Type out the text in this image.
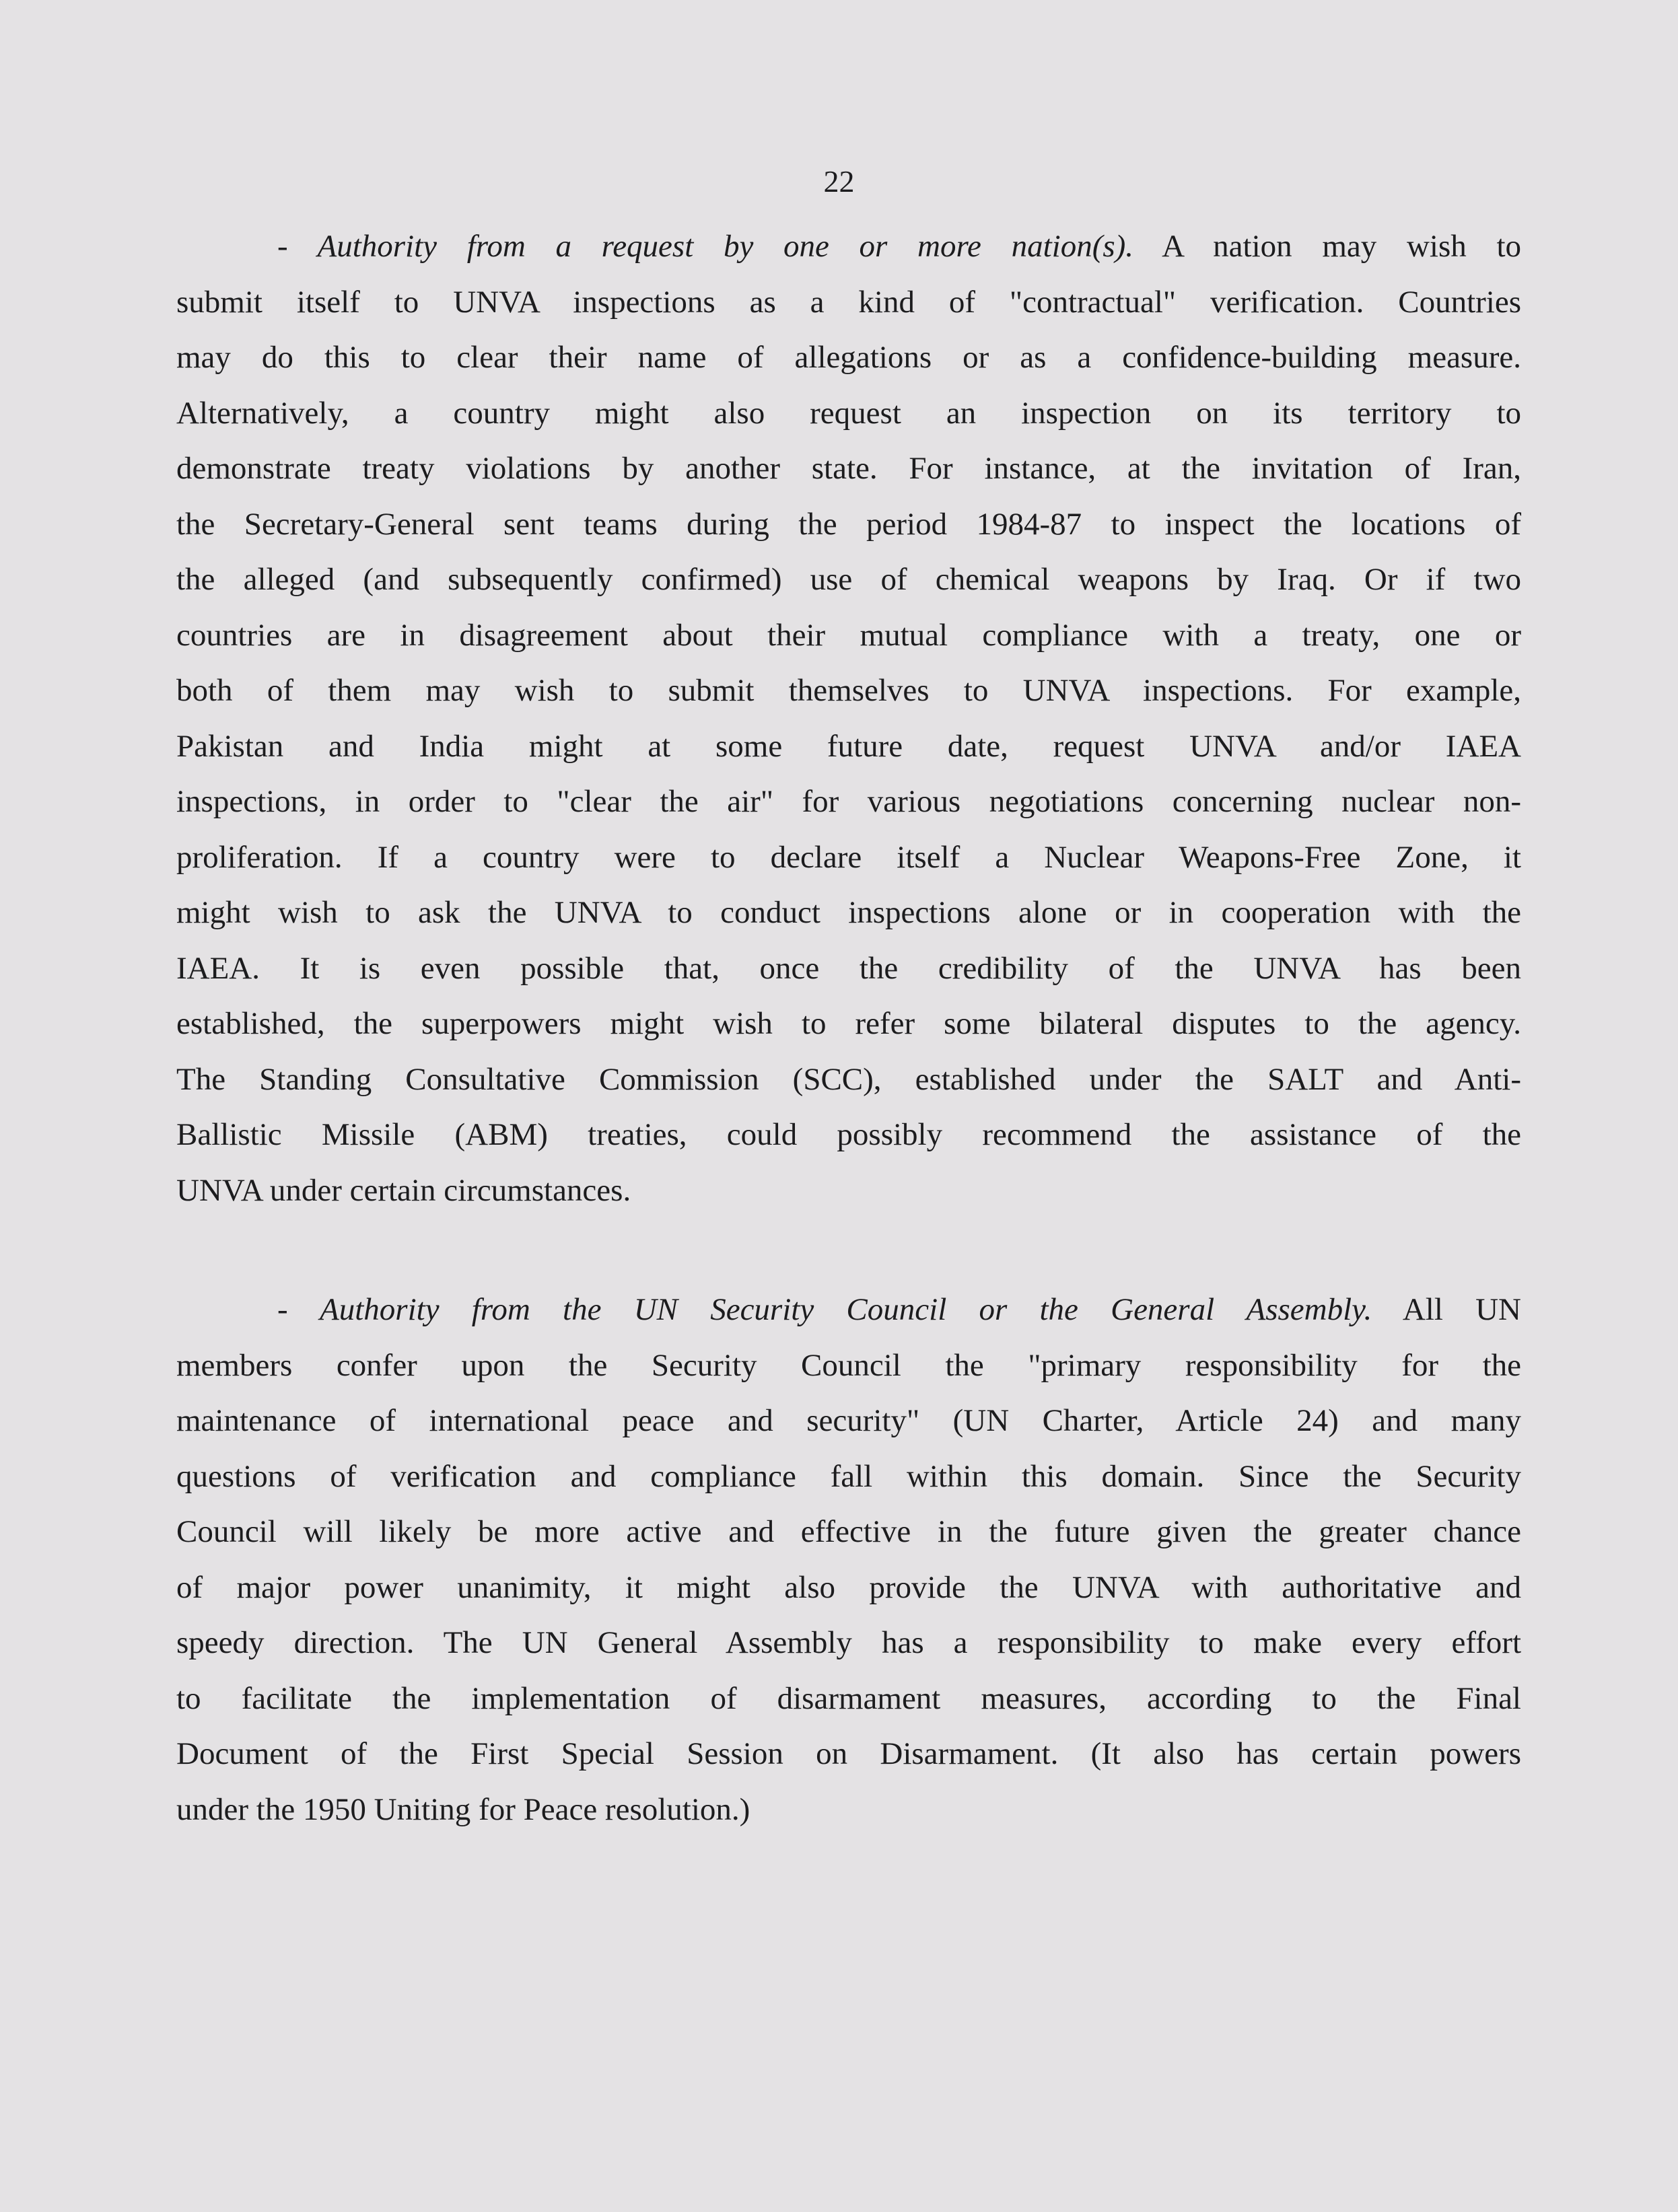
22
- Authority from a request by one or more nation(s). A nation may wish to
submit itself to UNVA inspections as a kind of "contractual" verification. Countries
may do this to clear their name of allegations or as a confidence-building measure.
Alternatively, a country might also request an inspection on its territory to
demonstrate treaty violations by another state. For instance, at the invitation of Iran,
the Secretary-General sent teams during the period 1984-87 to inspect the locations of
the alleged (and subsequently confirmed) use of chemical weapons by Iraq. Or if two
countries are in disagreement about their mutual compliance with a treaty, one or
both of them may wish to submit themselves to UNVA inspections. For example,
Pakistan and India might at some future date, request UNVA and/or IAEA
inspections, in order to "clear the air" for various negotiations concerning nuclear non-
proliferation. If a country were to declare itself a Nuclear Weapons-Free Zone, it
might wish to ask the UNVA to conduct inspections alone or in cooperation with the
IAEA. It is even possible that, once the credibility of the UNVA has been
established, the superpowers might wish to refer some bilateral disputes to the agency.
The Standing Consultative Commission (SCC), established under the SALT and Anti-
Ballistic Missile (ABM) treaties, could possibly recommend the assistance of the
UNVA under certain circumstances.
- Authority from the UN Security Council or the General Assembly. All UN
members confer upon the Security Council the "primary responsibility for the
maintenance of international peace and security" (UN Charter, Article 24) and many
questions of verification and compliance fall within this domain. Since the Security
Council will likely be more active and effective in the future given the greater chance
of major power unanimity, it might also provide the UNVA with authoritative and
speedy direction. The UN General Assembly has a responsibility to make every effort
to facilitate the implementation of disarmament measures, according to the Final
Document of the First Special Session on Disarmament. (It also has certain powers
under the 1950 Uniting for Peace resolution.)
